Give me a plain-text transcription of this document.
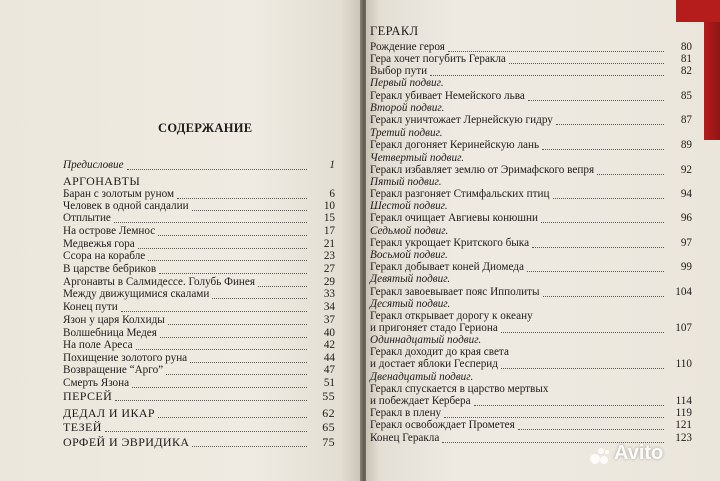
СОДЕРЖАНИЕ
Предисловие	1
АРГОНАВТЫ
Баран с золотым руном	6
Человек в одной сандалии	10
Отплытие	15
На острове Лемнос	17
Медвежья гора	21
Ссора на корабле	23
В царстве бебриков	27
Аргонавты в Салмидессе. Голубь Финея	29
Между движущимися скалами	33
Конец пути	34
Язон у царя Колхиды	37
Волшебница Медея	40
На поле Ареса	42
Похищение золотого руна	44
Возвращение “Арго”	47
Смерть Язона	51
ПЕРСЕЙ	55
ДЕДАЛ И ИКАР	62
ТЕЗЕЙ	65
ОРФЕЙ И ЭВРИДИКА	75
Рождение героя	80
Гера хочет погубить Геракла	81
Выбор пути	82
Первый подвиг.
Геракл убивает Немейского льва	85
Второй подвиг.
Геракл уничтожает Лернейскую гидру	87
Третий подвиг.
Геракл догоняет Керинейскую лань	89
Четвертый подвиг.
Геракл избавляет землю от Эримафского вепря	92
Пятый подвиг.
Геракл разгоняет Стимфальских птиц	94
Шестой подвиг.
Геракл очищает Авгиевы конюшни	96
Седьмой подвиг.
Геракл укрощает Критского быка	97
Восьмой подвиг.
Геракл добывает коней Диомеда	99
Девятый подвиг.
Геракл завоевывает пояс Ипполиты	104
Десятый подвиг.
Геракл открывает дорогу к океану
и пригоняет стадо Гериона	107
Одиннадцатый подвиг.
Геракл доходит до края света
и достает яблоки Гесперид	110
Двенадцатый подвиг.
Геракл спускается в царство мертвых
и побеждает Кербера	114
Геракл в плену	119
Геракл освобождает Прометея	121
Конец Геракла	123
ГЕРАКЛ
Avito
